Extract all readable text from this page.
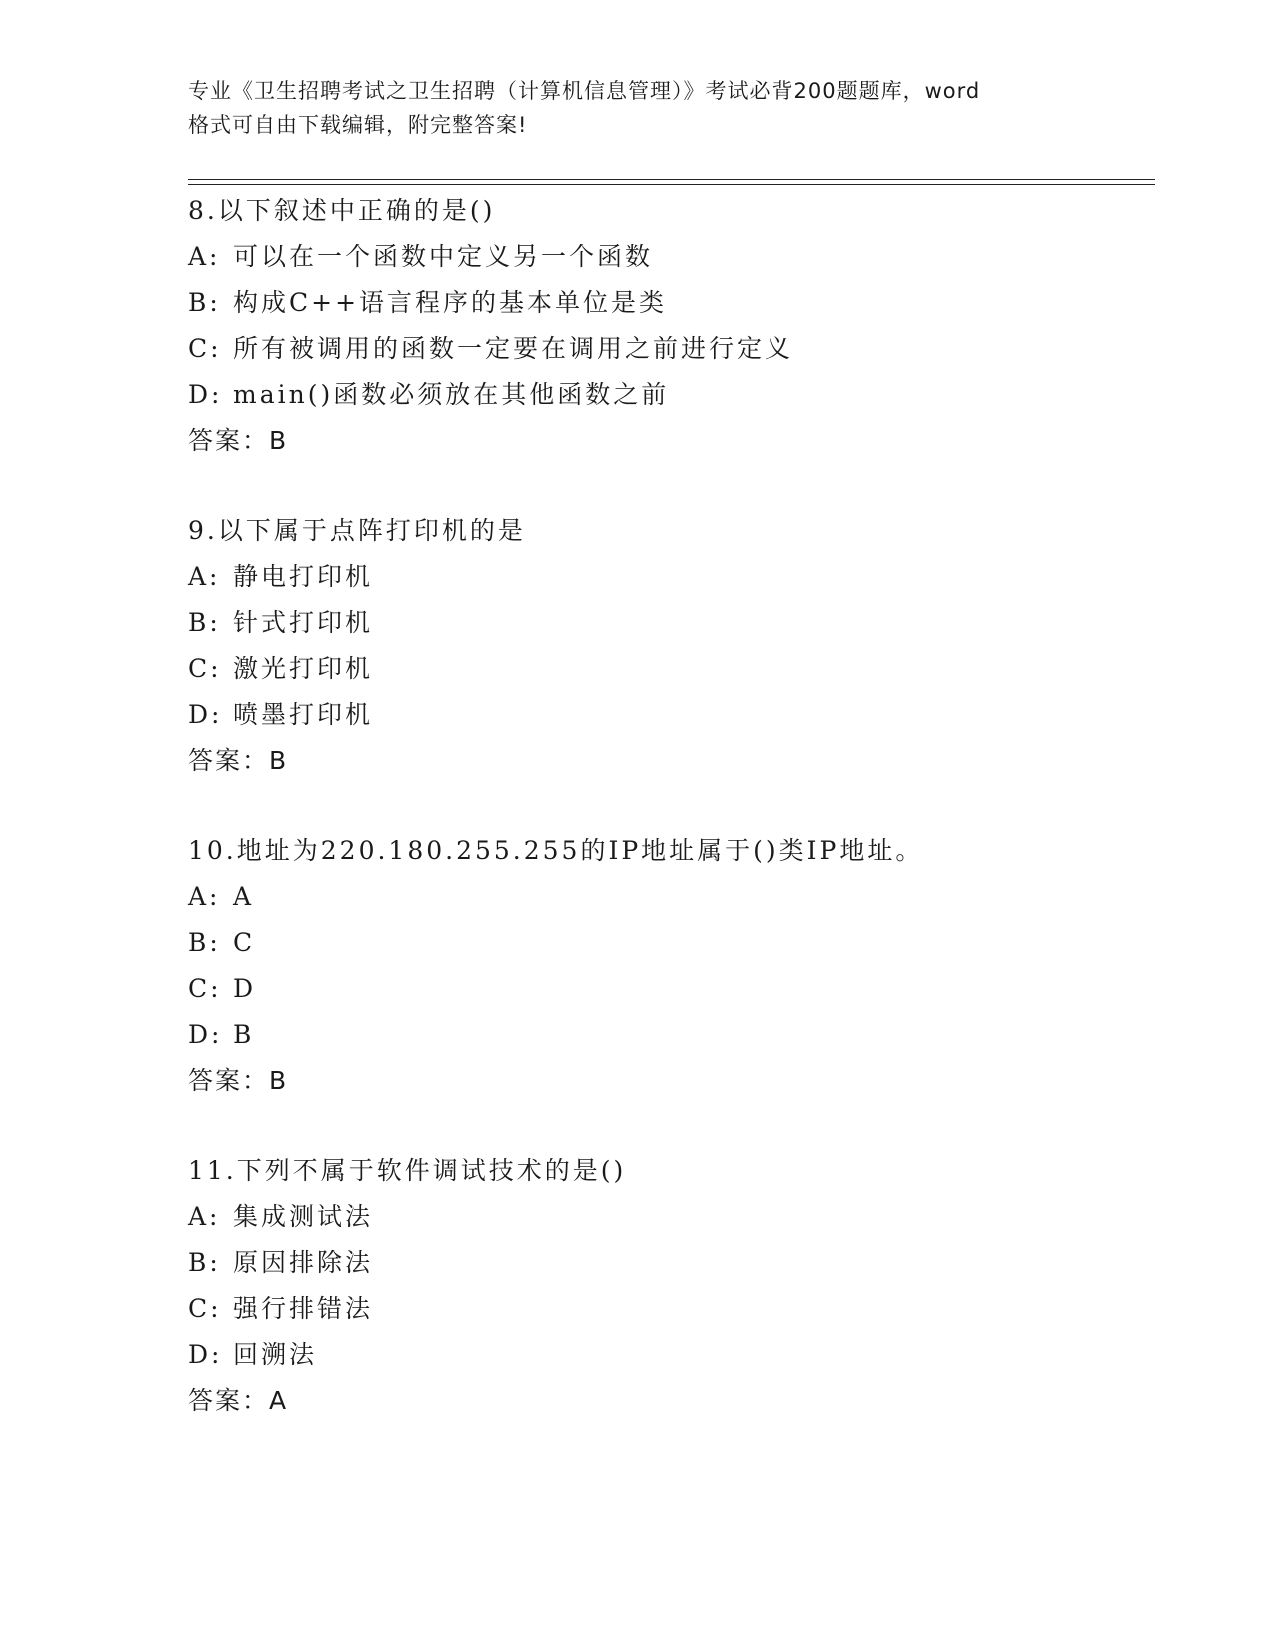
专业《卫生招聘考试之卫生招聘（计算机信息管理）》考试必背200题题库，word
格式可自由下载编辑，附完整答案!
8.以下叙述中正确的是()
A: 可以在一个函数中定义另一个函数
B: 构成C++语言程序的基本单位是类
C: 所有被调用的函数一定要在调用之前进行定义
D: main()函数必须放在其他函数之前
答案：B
9.以下属于点阵打印机的是
A: 静电打印机
B: 针式打印机
C: 激光打印机
D: 喷墨打印机
答案：B
10.地址为220.180.255.255的IP地址属于()类IP地址。
A: A
B: C
C: D
D: B
答案：B
11.下列不属于软件调试技术的是()
A: 集成测试法
B: 原因排除法
C: 强行排错法
D: 回溯法
答案：A
